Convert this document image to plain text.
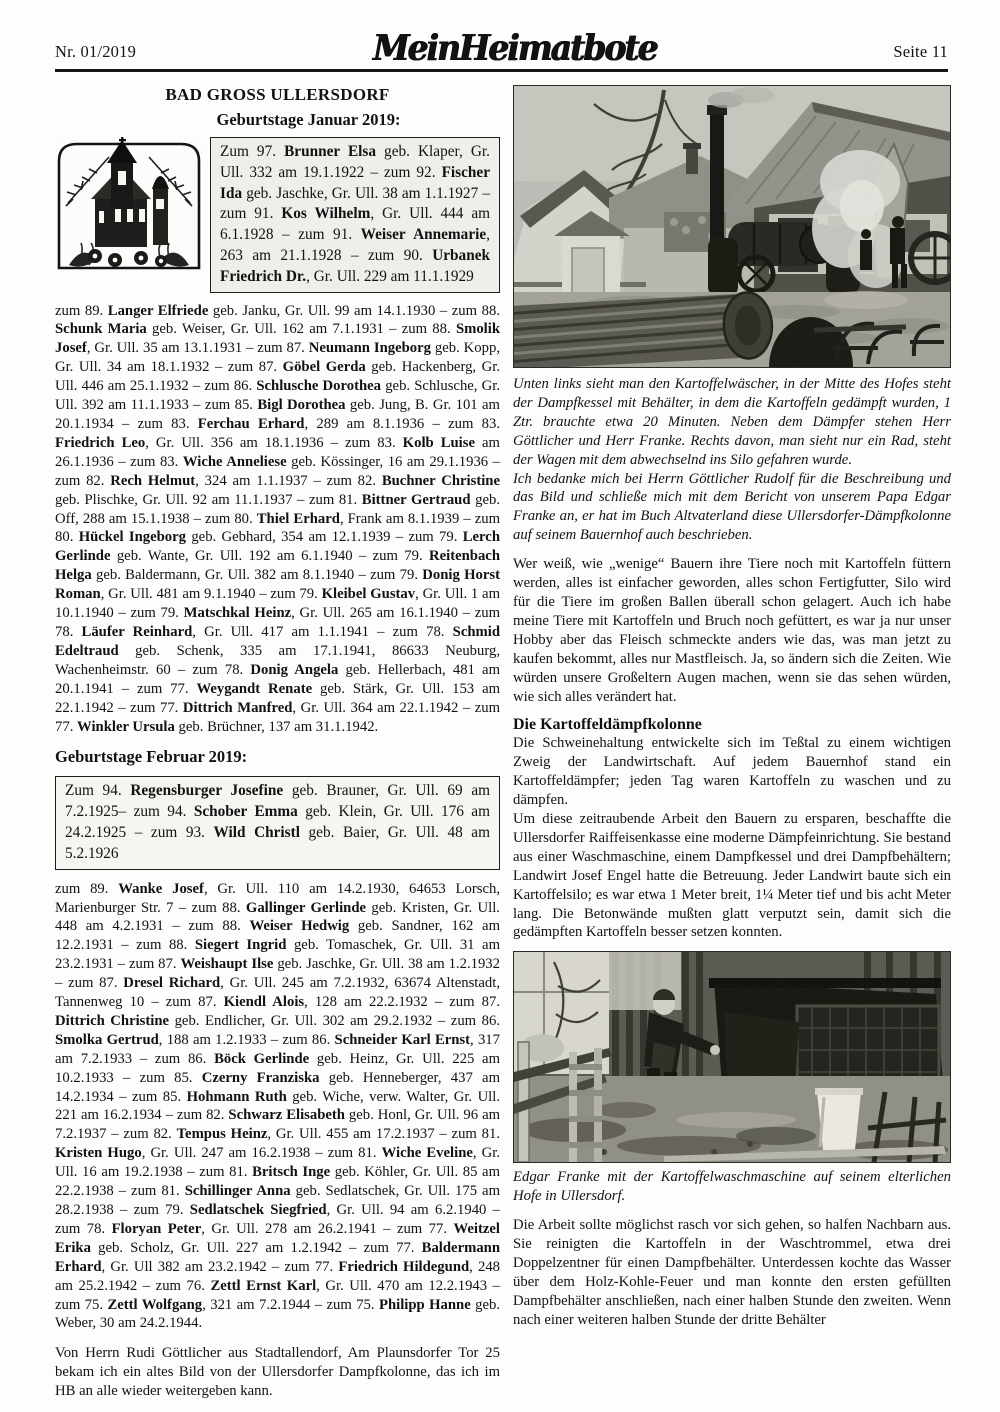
Nr. 01/2019	MeinHeimatbote	Seite 11
BAD GROSS ULLERSDORF
Geburtstage Januar 2019:
Zum 97. Brunner Elsa geb. Klaper, Gr. Ull. 332 am 19.1.1922 – zum 92. Fischer Ida geb. Jaschke, Gr. Ull. 38 am 1.1.1927 – zum 91. Kos Wilhelm, Gr. Ull. 444 am 6.1.1928 – zum 91. Weiser Annemarie, 263 am 21.1.1928 – zum 90. Urbanek Friedrich Dr., Gr. Ull. 229 am 11.1.1929

zum 89. Langer Elfriede geb. Janku, Gr. Ull. 99 am 14.1.1930 – zum 88. Schunk Maria geb. Weiser, Gr. Ull. 162 am 7.1.1931 – zum 88. Smolik Josef, Gr. Ull. 35 am 13.1.1931 – zum 87. Neumann Ingeborg geb. Kopp, Gr. Ull. 34 am 18.1.1932 – zum 87. Göbel Gerda geb. Hackenberg, Gr. Ull. 446 am 25.1.1932 – zum 86. Schlusche Dorothea geb. Schlusche, Gr. Ull. 392 am 11.1.1933 – zum 85. Bigl Dorothea geb. Jung, B. Gr. 101 am 20.1.1934 – zum 83. Ferchau Erhard, 289 am 8.1.1936 – zum 83. Friedrich Leo, Gr. Ull. 356 am 18.1.1936 – zum 83. Kolb Luise am 26.1.1936 – zum 83. Wiche Anneliese geb. Kössinger, 16 am 29.1.1936 – zum 82. Rech Helmut, 324 am 1.1.1937 – zum 82. Buchner Christine geb. Plischke, Gr. Ull. 92 am 11.1.1937 – zum 81. Bittner Gertraud geb. Off, 288 am 15.1.1938 – zum 80. Thiel Erhard, Frank am 8.1.1939 – zum 80. Hückel Ingeborg geb. Gebhard, 354 am 12.1.1939 – zum 79. Lerch Gerlinde geb. Wante, Gr. Ull. 192 am 6.1.1940 – zum 79. Reitenbach Helga geb. Baldermann, Gr. Ull. 382 am 8.1.1940 – zum 79. Donig Horst Roman, Gr. Ull. 481 am 9.1.1940 – zum 79. Kleibel Gustav, Gr. Ull. 1 am 10.1.1940 – zum 79. Matschkal Heinz, Gr. Ull. 265 am 16.1.1940 – zum 78. Läufer Reinhard, Gr. Ull. 417 am 1.1.1941 – zum 78. Schmid Edeltraud geb. Schenk, 335 am 17.1.1941, 86633 Neuburg, Wachenheimstr. 60 – zum 78. Donig Angela geb. Hellerbach, 481 am 20.1.1941 – zum 77. Weygandt Renate geb. Stärk, Gr. Ull. 153 am 22.1.1942 – zum 77. Dittrich Manfred, Gr. Ull. 364 am 22.1.1942 – zum 77. Winkler Ursula geb. Brüchner, 137 am 31.1.1942.

Geburtstage Februar 2019:
Zum 94. Regensburger Josefine geb. Brauner, Gr. Ull. 69 am 7.2.1925– zum 94. Schober Emma geb. Klein, Gr. Ull. 176 am 24.2.1925 – zum 93. Wild Christl geb. Baier, Gr. Ull. 48 am 5.2.1926

zum 89. Wanke Josef, Gr. Ull. 110 am 14.2.1930, 64653 Lorsch, Marienburger Str. 7 – zum 88. Gallinger Gerlinde geb. Kristen, Gr. Ull. 448 am 4.2.1931 – zum 88. Weiser Hedwig geb. Sandner, 162 am 12.2.1931 – zum 88. Siegert Ingrid geb. Tomaschek, Gr. Ull. 31 am 23.2.1931 – zum 87. Weishaupt Ilse geb. Jaschke, Gr. Ull. 38 am 1.2.1932 – zum 87. Dresel Richard, Gr. Ull. 245 am 7.2.1932, 63674 Altenstadt, Tannenweg 10 – zum 87. Kiendl Alois, 128 am 22.2.1932 – zum 87. Dittrich Christine geb. Endlicher, Gr. Ull. 302 am 29.2.1932 – zum 86. Smolka Gertrud, 188 am 1.2.1933 – zum 86. Schneider Karl Ernst, 317 am 7.2.1933 – zum 86. Böck Gerlinde geb. Heinz, Gr. Ull. 225 am 10.2.1933 – zum 85. Czerny Franziska geb. Henneberger, 437 am 14.2.1934 – zum 85. Hohmann Ruth geb. Wiche, verw. Walter, Gr. Ull. 221 am 16.2.1934 – zum 82. Schwarz Elisabeth geb. Honl, Gr. Ull. 96 am 7.2.1937 – zum 82. Tempus Heinz, Gr. Ull. 455 am 17.2.1937 – zum 81. Kristen Hugo, Gr. Ull. 247 am 16.2.1938 – zum 81. Wiche Eveline, Gr. Ull. 16 am 19.2.1938 – zum 81. Britsch Inge geb. Köhler, Gr. Ull. 85 am 22.2.1938 – zum 81. Schillinger Anna geb. Sedlatschek, Gr. Ull. 175 am 28.2.1938 – zum 79. Sedlatschek Siegfried, Gr. Ull. 94 am 6.2.1940 – zum 78. Floryan Peter, Gr. Ull. 278 am 26.2.1941 – zum 77. Weitzel Erika geb. Scholz, Gr. Ull. 227 am 1.2.1942 – zum 77. Baldermann Erhard, Gr. Ull 382 am 23.2.1942 – zum 77. Friedrich Hildegund, 248 am 25.2.1942 – zum 76. Zettl Ernst Karl, Gr. Ull. 470 am 12.2.1943 – zum 75. Zettl Wolfgang, 321 am 7.2.1944 – zum 75. Philipp Hanne geb. Weber, 30 am 24.2.1944.

Von Herrn Rudi Göttlicher aus Stadtallendorf, Am Plaunsdorfer Tor 25 bekam ich ein altes Bild von der Ullersdorfer Dampfkolonne, das ich im HB an alle wieder weitergeben kann.

Unten links sieht man den Kartoffelwäscher, in der Mitte des Hofes steht der Dampfkessel mit Behälter, in dem die Kartoffeln gedämpft wurden, 1 Ztr. brauchte etwa 20 Minuten. Neben dem Dämpfer stehen Herr Göttlicher und Herr Franke. Rechts davon, man sieht nur ein Rad, steht der Wagen mit dem abwechselnd ins Silo gefahren wurde.

Ich bedanke mich bei Herrn Göttlicher Rudolf für die Beschreibung und das Bild und schließe mich mit dem Bericht von unserem Papa Edgar Franke an, er hat im Buch Altvaterland diese Ullersdorfer-Dämpfkolonne auf seinem Bauernhof auch beschrieben.

Wer weiß, wie „wenige“ Bauern ihre Tiere noch mit Kartoffeln füttern werden, alles ist einfacher geworden, alles schon Fertigfutter, Silo wird für die Tiere im großen Ballen überall schon gelagert. Auch ich habe meine Tiere mit Kartoffeln und Bruch noch gefüttert, es war ja nur unser Hobby aber das Fleisch schmeckte anders wie das, was man jetzt zu kaufen bekommt, alles nur Mastfleisch. Ja, so ändern sich die Zeiten. Wie würden unsere Großeltern Augen machen, wenn sie das sehen würden, wie sich alles verändert hat.

Die Kartoffeldämpfkolonne

Die Schweinehaltung entwickelte sich im Teßtal zu einem wichtigen Zweig der Landwirtschaft. Auf jedem Bauernhof stand ein Kartoffeldämpfer; jeden Tag waren Kartoffeln zu waschen und zu dämpfen.

Um diese zeitraubende Arbeit den Bauern zu ersparen, beschaffte die Ullersdorfer Raiffeisenkasse eine moderne Dämpfeinrichtung. Sie bestand aus einer Waschmaschine, einem Dampfkessel und drei Dampfbehältern; Landwirt Josef Engel hatte die Betreuung. Jeder Landwirt baute sich ein Kartoffelsilo; es war etwa 1 Meter breit, 1¼ Meter tief und bis acht Meter lang. Die Betonwände mußten glatt verputzt sein, damit sich die gedämpften Kartoffeln besser setzen konnten.

Edgar Franke mit der Kartoffelwaschmaschine auf seinem elterlichen Hofe in Ullersdorf.

Die Arbeit sollte möglichst rasch vor sich gehen, so halfen Nachbarn aus. Sie reinigten die Kartoffeln in der Waschtrommel, etwa drei Doppelzentner für einen Dampfbehälter. Unterdessen kochte das Wasser über dem Holz-Kohle-Feuer und man konnte den ersten gefüllten Dampfbehälter anschließen, nach einer halben Stunde den zweiten. Wenn nach einer weiteren halben Stunde der dritte Behälter
